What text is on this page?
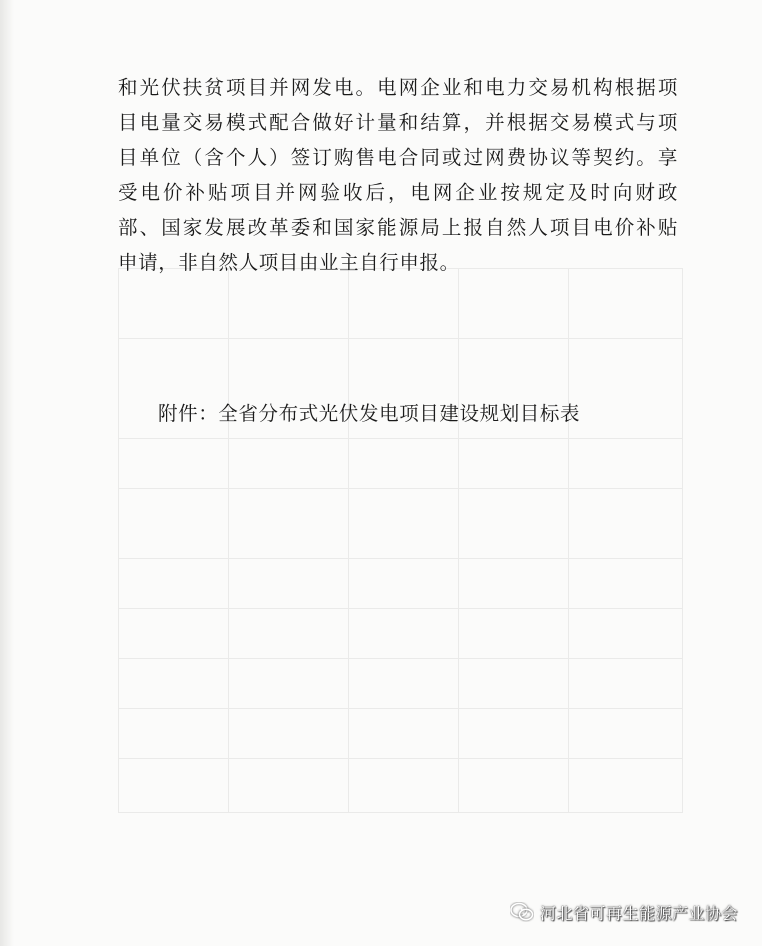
和光伏扶贫项目并网发电。电网企业和电力交易机构根据项
目电量交易模式配合做好计量和结算，并根据交易模式与项
目单位（含个人）签订购售电合同或过网费协议等契约。享
受电价补贴项目并网验收后，电网企业按规定及时向财政
部、国家发展改革委和国家能源局上报自然人项目电价补贴
申请，非自然人项目由业主自行申报。

附件：全省分布式光伏发电项目建设规划目标表

河北省可再生能源产业协会
